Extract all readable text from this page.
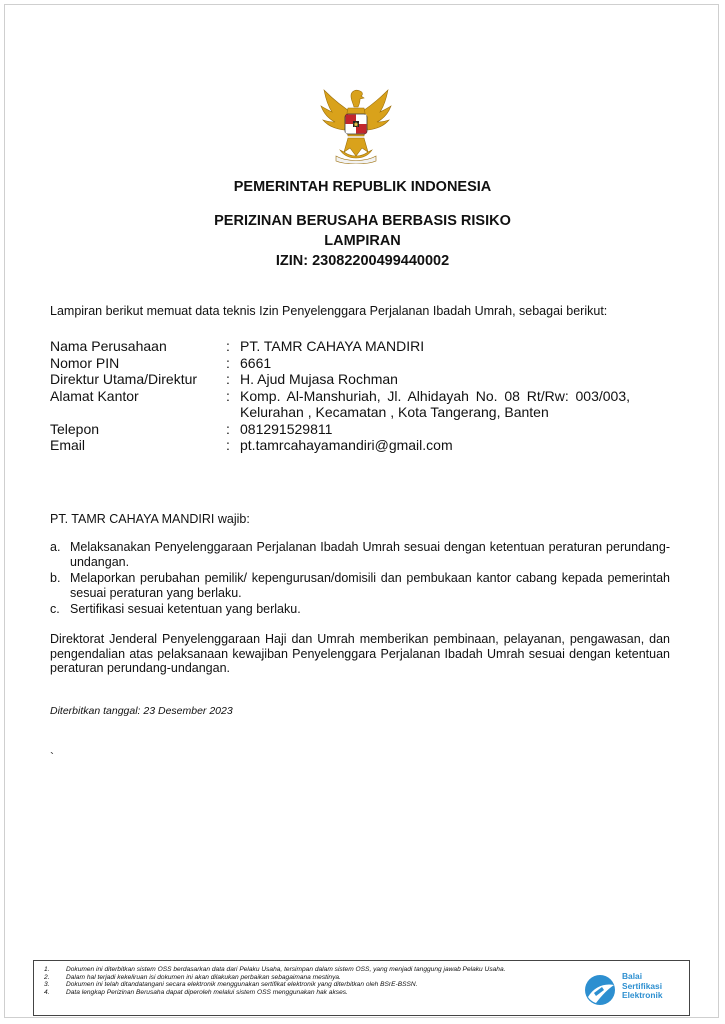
PEMERINTAH REPUBLIK INDONESIA

PERIZINAN BERUSAHA BERBASIS RISIKO

LAMPIRAN

IZIN: 23082200499440002

Lampiran berikut memuat data teknis Izin Penyelenggara Perjalanan Ibadah Umrah, sebagai berikut:

Nama Perusahaan	: PT. TAMR CAHAYA MANDIRI
Nomor PIN	: 6661
Direktur Utama/Direktur	: H. Ajud Mujasa Rochman
Alamat Kantor	: Komp. Al-Manshuriah, Jl. Alhidayah No. 08 Rt/Rw: 003/003, Kelurahan , Kecamatan , Kota Tangerang, Banten
Telepon	: 081291529811
Email	: pt.tamrcahayamandiri@gmail.com

PT. TAMR CAHAYA MANDIRI wajib:

a. Melaksanakan Penyelenggaraan Perjalanan Ibadah Umrah sesuai dengan ketentuan peraturan perundang-undangan.
b. Melaporkan perubahan pemilik/ kepengurusan/domisili dan pembukaan kantor cabang kepada pemerintah sesuai peraturan yang berlaku.
c. Sertifikasi sesuai ketentuan yang berlaku.

Direktorat Jenderal Penyelenggaraan Haji dan Umrah memberikan pembinaan, pelayanan, pengawasan, dan pengendalian atas pelaksanaan kewajiban Penyelenggara Perjalanan Ibadah Umrah sesuai dengan ketentuan peraturan perundang-undangan.

Diterbitkan tanggal: 23 Desember 2023

`

1.	Dokumen ini diterbitkan sistem OSS berdasarkan data dari Pelaku Usaha, tersimpan dalam sistem OSS, yang menjadi tanggung jawab Pelaku Usaha.
2.	Dalam hal terjadi kekeliruan isi dokumen ini akan dilakukan perbaikan sebagaimana mestinya.
3.	Dokumen ini telah ditandatangani secara elektronik menggunakan sertifikat elektronik yang diterbitkan oleh BSrE-BSSN.
4.	Data lengkap Perizinan Berusaha dapat diperoleh melalui sistem OSS menggunakan hak akses.
Balai
Sertifikasi
Elektronik
